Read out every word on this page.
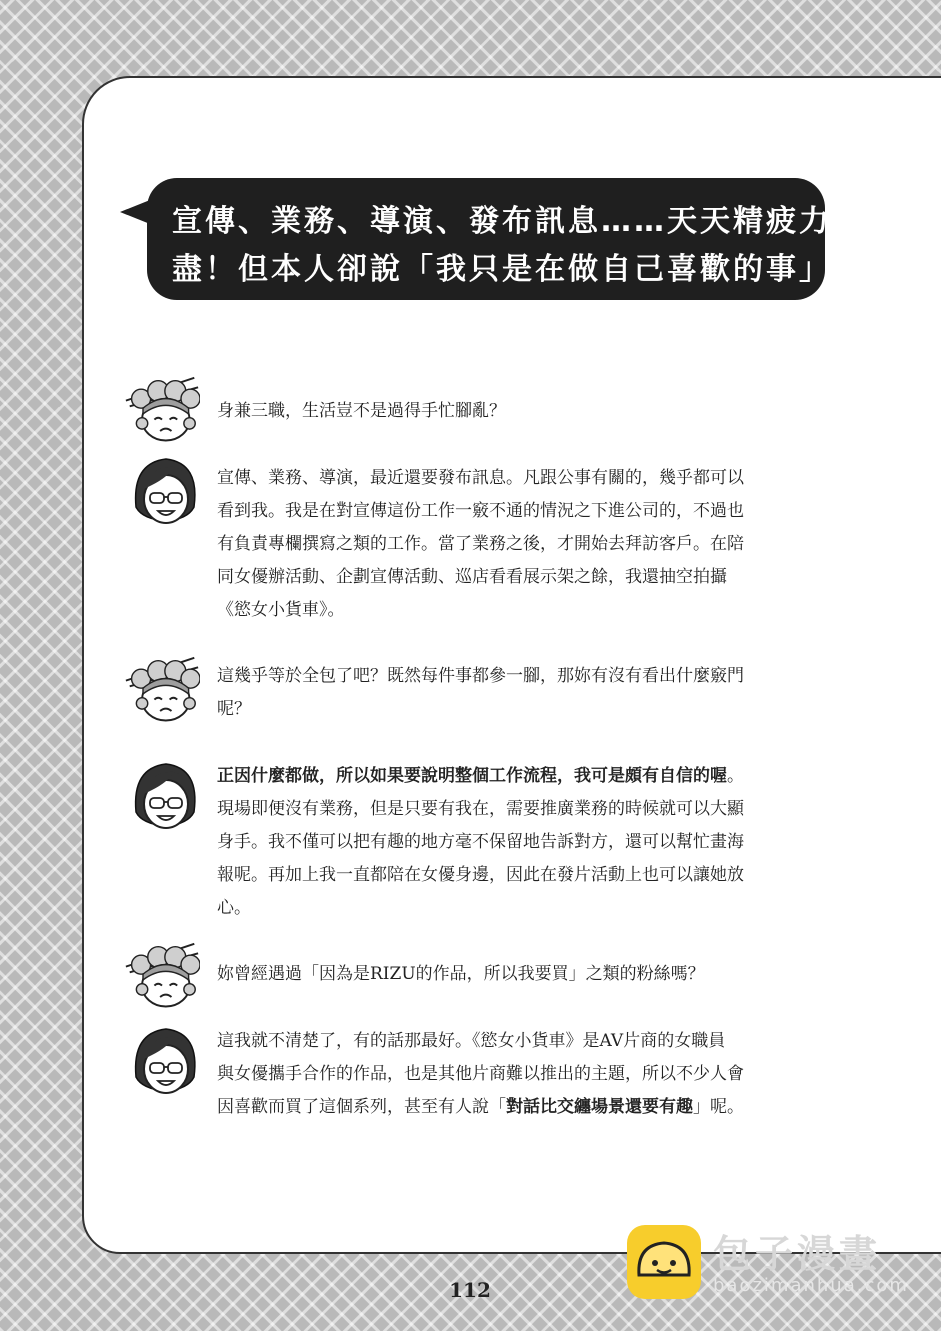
宣傳、業務、導演、發布訊息……天天精疲力
盡！但本人卻說「我只是在做自己喜歡的事」

身兼三職，生活豈不是過得手忙腳亂？

宣傳、業務、導演，最近還要發布訊息。凡跟公事有關的，幾乎都可以
看到我。我是在對宣傳這份工作一竅不通的情況之下進公司的，不過也
有負責專欄撰寫之類的工作。當了業務之後，才開始去拜訪客戶。在陪
同女優辦活動、企劃宣傳活動、巡店看看展示架之餘，我還抽空拍攝
《慾女小貨車》。

這幾乎等於全包了吧？既然每件事都參一腳，那妳有沒有看出什麼竅門
呢？

正因什麼都做，所以如果要說明整個工作流程，我可是頗有自信的喔。
現場即便沒有業務，但是只要有我在，需要推廣業務的時候就可以大顯
身手。我不僅可以把有趣的地方毫不保留地告訴對方，還可以幫忙畫海
報呢。再加上我一直都陪在女優身邊，因此在發片活動上也可以讓她放
心。

妳曾經遇過「因為是RIZU的作品，所以我要買」之類的粉絲嗎？

這我就不清楚了，有的話那最好。《慾女小貨車》是AV片商的女職員
與女優攜手合作的作品，也是其他片商難以推出的主題，所以不少人會
因喜歡而買了這個系列，甚至有人說「對話比交纏場景還要有趣」呢。

112
包子漫畫
baozimanhua.com
